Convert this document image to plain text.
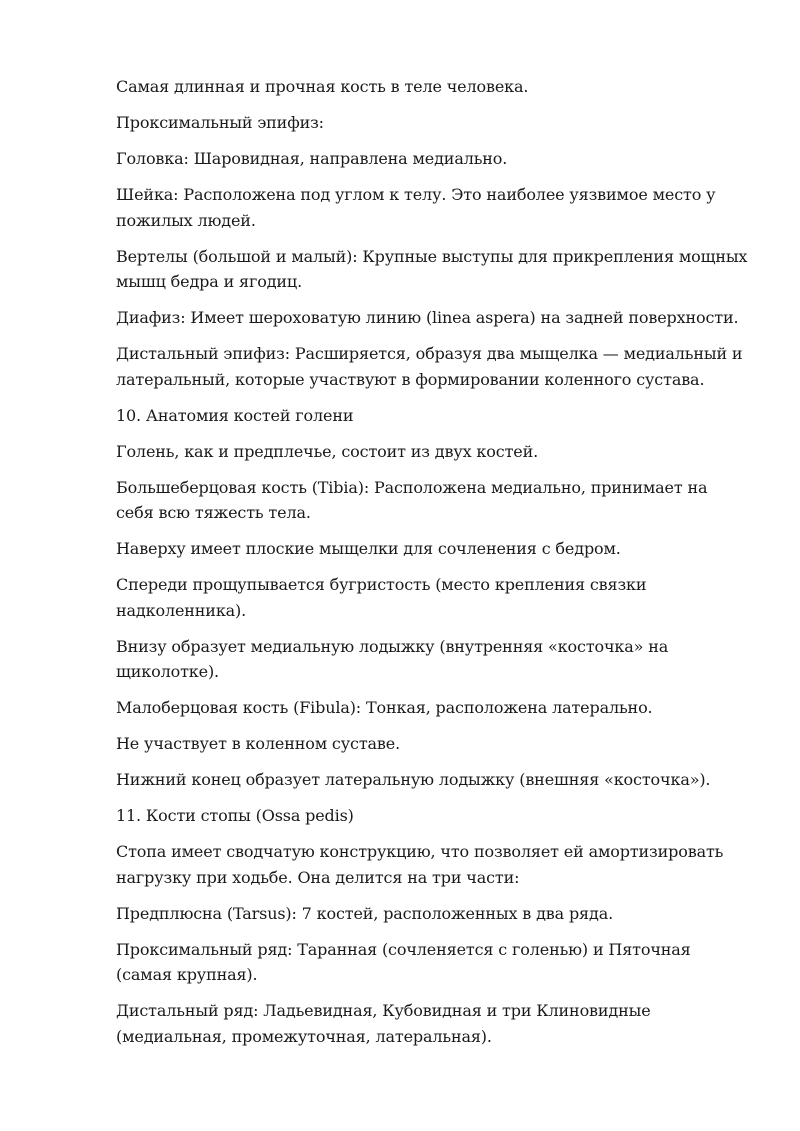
Самая длинная и прочная кость в теле человека.

Проксимальный эпифиз:

Головка: Шаровидная, направлена медиально.

Шейка: Расположена под углом к телу. Это наиболее уязвимое место у пожилых людей.

Вертелы (большой и малый): Крупные выступы для прикрепления мощных мышц бедра и ягодиц.

Диафиз: Имеет шероховатую линию (linea aspera) на задней поверхности.

Дистальный эпифиз: Расширяется, образуя два мыщелка — медиальный и латеральный, которые участвуют в формировании коленного сустава.

10. Анатомия костей голени

Голень, как и предплечье, состоит из двух костей.

Большеберцовая кость (Tibia): Расположена медиально, принимает на себя всю тяжесть тела.

Наверху имеет плоские мыщелки для сочленения с бедром.

Спереди прощупывается бугристость (место крепления связки надколенника).

Внизу образует медиальную лодыжку (внутренняя «косточка» на щиколотке).

Малоберцовая кость (Fibula): Тонкая, расположена латерально.

Не участвует в коленном суставе.

Нижний конец образует латеральную лодыжку (внешняя «косточка»).

11. Кости стопы (Ossa pedis)

Стопа имеет сводчатую конструкцию, что позволяет ей амортизировать нагрузку при ходьбе. Она делится на три части:

Предплюсна (Tarsus): 7 костей, расположенных в два ряда.

Проксимальный ряд: Таранная (сочленяется с голенью) и Пяточная (самая крупная).

Дистальный ряд: Ладьевидная, Кубовидная и три Клиновидные (медиальная, промежуточная, латеральная).
